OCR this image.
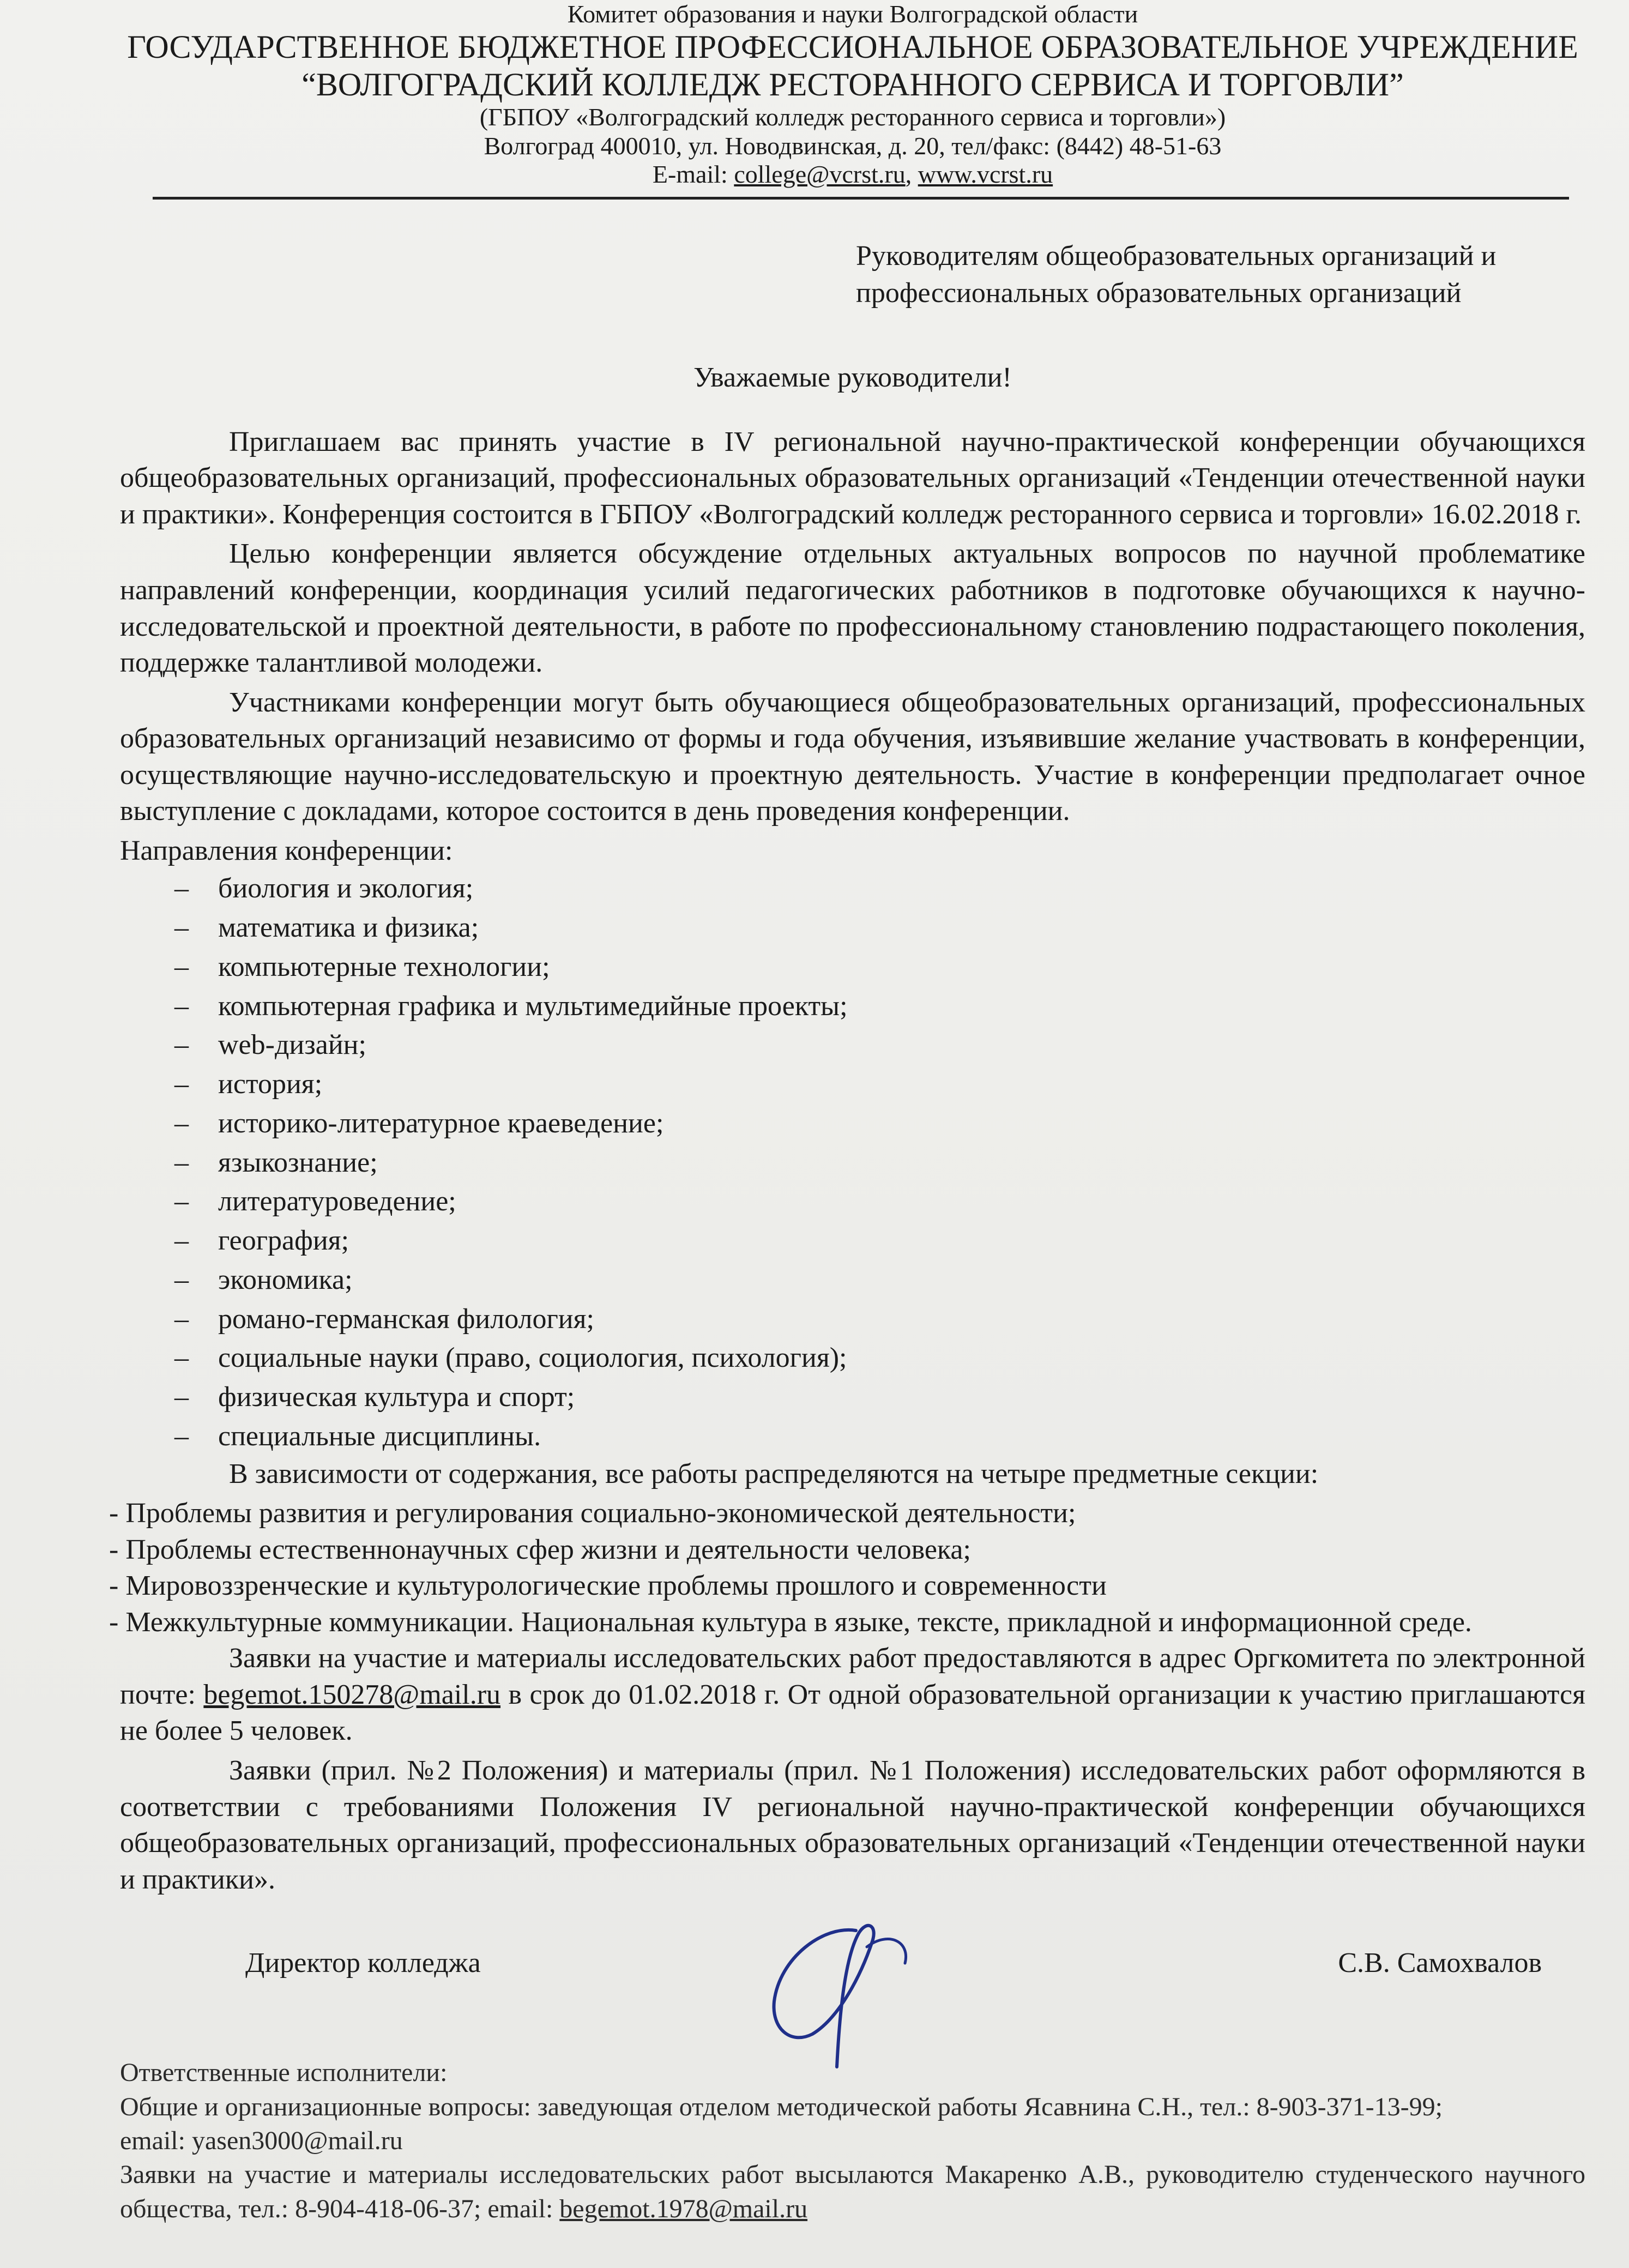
Комитет образования и науки Волгоградской области
ГОСУДАРСТВЕННОЕ БЮДЖЕТНОЕ ПРОФЕССИОНАЛЬНОЕ ОБРАЗОВАТЕЛЬНОЕ УЧРЕЖДЕНИЕ
“ВОЛГОГРАДСКИЙ КОЛЛЕДЖ РЕСТОРАННОГО СЕРВИСА И ТОРГОВЛИ”
(ГБПОУ «Волгоградский колледж ресторанного сервиса и торговли»)
Волгоград 400010, ул. Новодвинская, д. 20, тел/факс: (8442) 48-51-63
E-mail: college@vcrst.ru, www.vcrst.ru
Руководителям общеобразовательных организаций и
профессиональных образовательных организаций
Уважаемые руководители!

Приглашаем вас принять участие в IV региональной научно-практической конференции обучающихся общеобразовательных организаций, профессиональных образовательных организаций «Тенденции отечественной науки и практики». Конференция состоится в ГБПОУ «Волгоградский колледж ресторанного сервиса и торговли» 16.02.2018 г.

Целью конференции является обсуждение отдельных актуальных вопросов по научной проблематике направлений конференции, координация усилий педагогических работников в подготовке обучающихся к научно-исследовательской и проектной деятельности, в работе по профессиональному становлению подрастающего поколения, поддержке талантливой молодежи.

Участниками конференции могут быть обучающиеся общеобразовательных организаций, профессиональных образовательных организаций независимо от формы и года обучения, изъявившие желание участвовать в конференции, осуществляющие научно-исследовательскую и проектную деятельность. Участие в конференции предполагает очное выступление с докладами, которое состоится в день проведения конференции.

Направления конференции:
– биология и экология;
– математика и физика;
– компьютерные технологии;
– компьютерная графика и мультимедийные проекты;
– web-дизайн;
– история;
– историко-литературное краеведение;
– языкознание;
– литературоведение;
– география;
– экономика;
– романо-германская филология;
– социальные науки (право, социология, психология);
– физическая культура и спорт;
– специальные дисциплины.

В зависимости от содержания, все работы распределяются на четыре предметные секции:

- Проблемы развития и регулирования социально-экономической деятельности;
- Проблемы естественнонаучных сфер жизни и деятельности человека;
- Мировоззренческие и культурологические проблемы прошлого и современности
- Межкультурные коммуникации. Национальная культура в языке, тексте, прикладной и информационной среде.

Заявки на участие и материалы исследовательских работ предоставляются в адрес Оргкомитета по электронной почте: begemot.150278@mail.ru в срок до 01.02.2018 г. От одной образовательной организации к участию приглашаются не более 5 человек.

Заявки (прил. №2 Положения) и материалы (прил. №1 Положения) исследовательских работ оформляются в соответствии с требованиями Положения IV региональной научно-практической конференции обучающихся общеобразовательных организаций, профессиональных образовательных организаций «Тенденции отечественной науки и практики».

Директор колледжа	С.В. Самохвалов

Ответственные исполнители:

Общие и организационные вопросы: заведующая отделом методической работы Ясавнина С.Н., тел.: 8-903-371-13-99;

email: yasen3000@mail.ru

Заявки на участие и материалы исследовательских работ высылаются Макаренко А.В., руководителю студенческого научного общества, тел.: 8-904-418-06-37; email: begemot.1978@mail.ru
